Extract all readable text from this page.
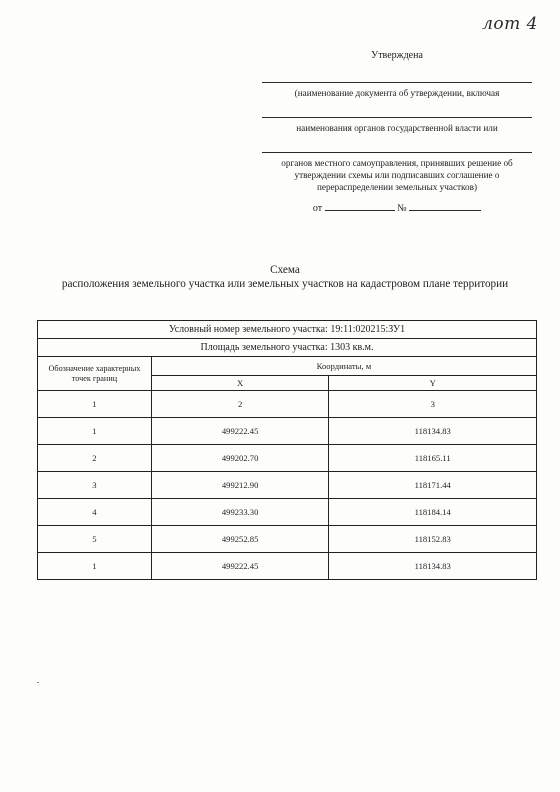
лот 4
Утверждена
(наименование документа об утверждении, включая
наименования органов государственной власти или
органов местного самоуправления, принявших решение об утверждении схемы или подписавших соглашение о перераспределении земельных участков)
от	№
Схема
расположения земельного участка или земельных участков на кадастровом плане территории
Условный номер земельного участка: 19:11:020215:ЗУ1		
Площадь земельного участка: 1303 кв.м.		
Обозначение характерных точек границ	Координаты, м	
	X	Y
1	2	3
1	499222.45	118134.83
2	499202.70	118165.11
3	499212.90	118171.44
4	499233.30	118184.14
5	499252.85	118152.83
1	499222.45	118134.83
